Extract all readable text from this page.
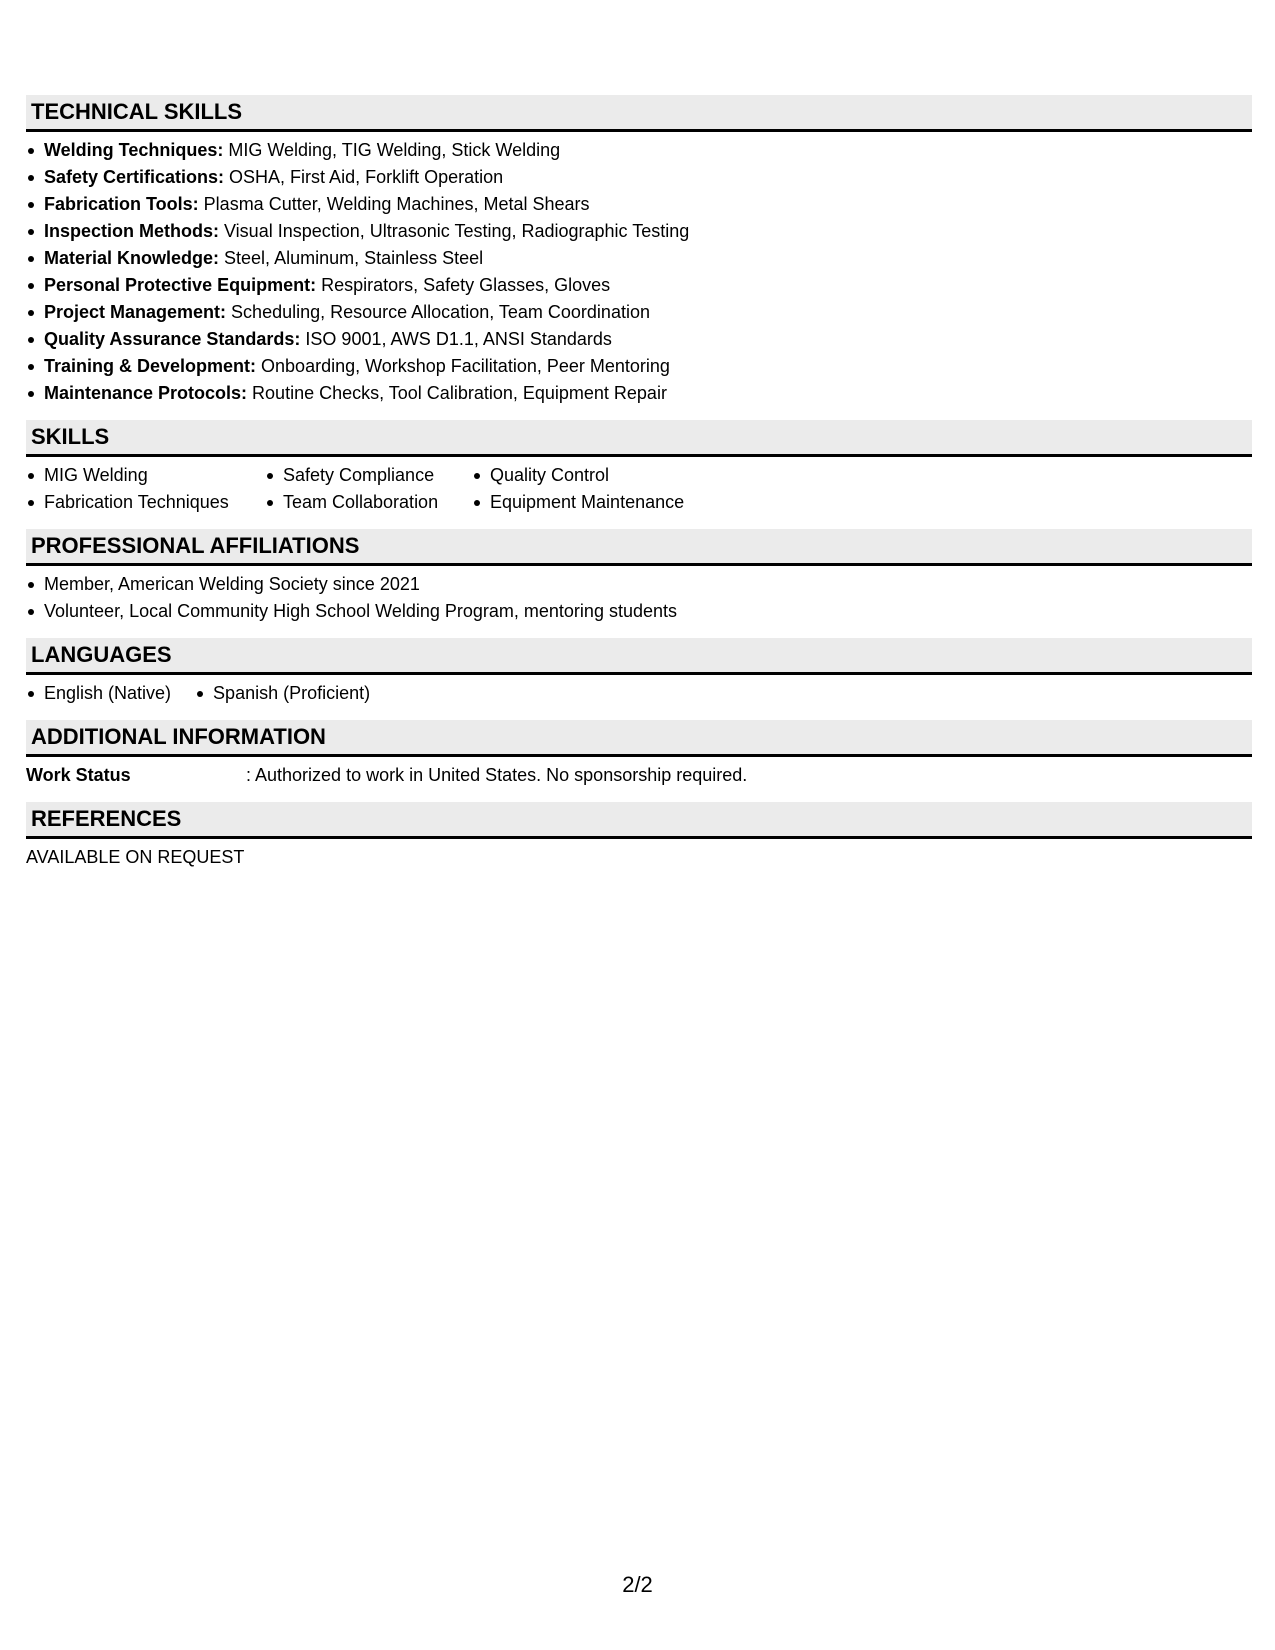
TECHNICAL SKILLS
Welding Techniques: MIG Welding, TIG Welding, Stick Welding
Safety Certifications: OSHA, First Aid, Forklift Operation
Fabrication Tools: Plasma Cutter, Welding Machines, Metal Shears
Inspection Methods: Visual Inspection, Ultrasonic Testing, Radiographic Testing
Material Knowledge: Steel, Aluminum, Stainless Steel
Personal Protective Equipment: Respirators, Safety Glasses, Gloves
Project Management: Scheduling, Resource Allocation, Team Coordination
Quality Assurance Standards: ISO 9001, AWS D1.1, ANSI Standards
Training & Development: Onboarding, Workshop Facilitation, Peer Mentoring
Maintenance Protocols: Routine Checks, Tool Calibration, Equipment Repair
SKILLS
MIG Welding	Safety Compliance	Quality Control
Fabrication Techniques	Team Collaboration	Equipment Maintenance
PROFESSIONAL AFFILIATIONS
Member, American Welding Society since 2021
Volunteer, Local Community High School Welding Program, mentoring students
LANGUAGES
English (Native)	Spanish (Proficient)
ADDITIONAL INFORMATION
Work Status	: Authorized to work in United States. No sponsorship required.
REFERENCES
AVAILABLE ON REQUEST
2/2
